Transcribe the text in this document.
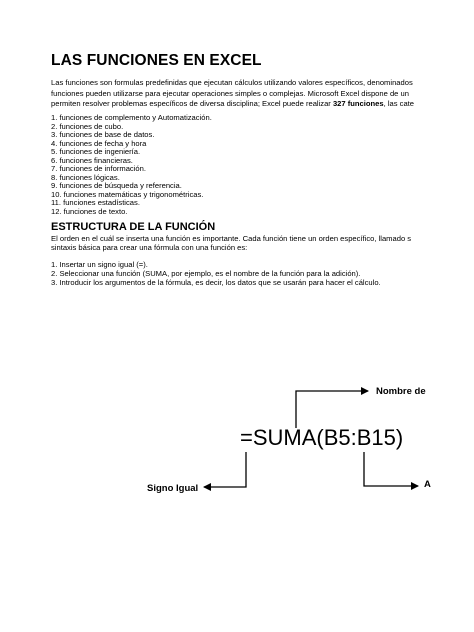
LAS FUNCIONES EN EXCEL
Las funciones son formulas predefinidas que ejecutan cálculos utilizando valores específicos, denominados
funciones pueden utilizarse para ejecutar operaciones simples o complejas. Microsoft Excel dispone de un
permiten resolver problemas específicos de diversa disciplina; Excel puede realizar 327 funciones, las cate
1. funciones de complemento y Automatización.
2. funciones de cubo.
3. funciones de base de datos.
4. funciones de fecha y hora
5. funciones de ingeniería.
6. funciones financieras.
7. funciones de información.
8. funciones lógicas.
9. funciones de búsqueda y referencia.
10. funciones matemáticas y trigonométricas.
11. funciones estadísticas.
12. funciones de texto.
ESTRUCTURA DE LA FUNCIÓN
El orden en el cuál se inserta una función es importante. Cada función tiene un orden específico, llamado s
sintaxis básica para crear una fórmula con una función es:
1. Insertar un signo igual (=).
2. Seleccionar una función (SUMA, por ejemplo, es el nombre de la función para la adición).
3. Introducir los argumentos de la fórmula, es decir, los datos que se usarán para hacer el cálculo.
=SUMA(B5:B15)
Nombre de
Signo Igual	A
